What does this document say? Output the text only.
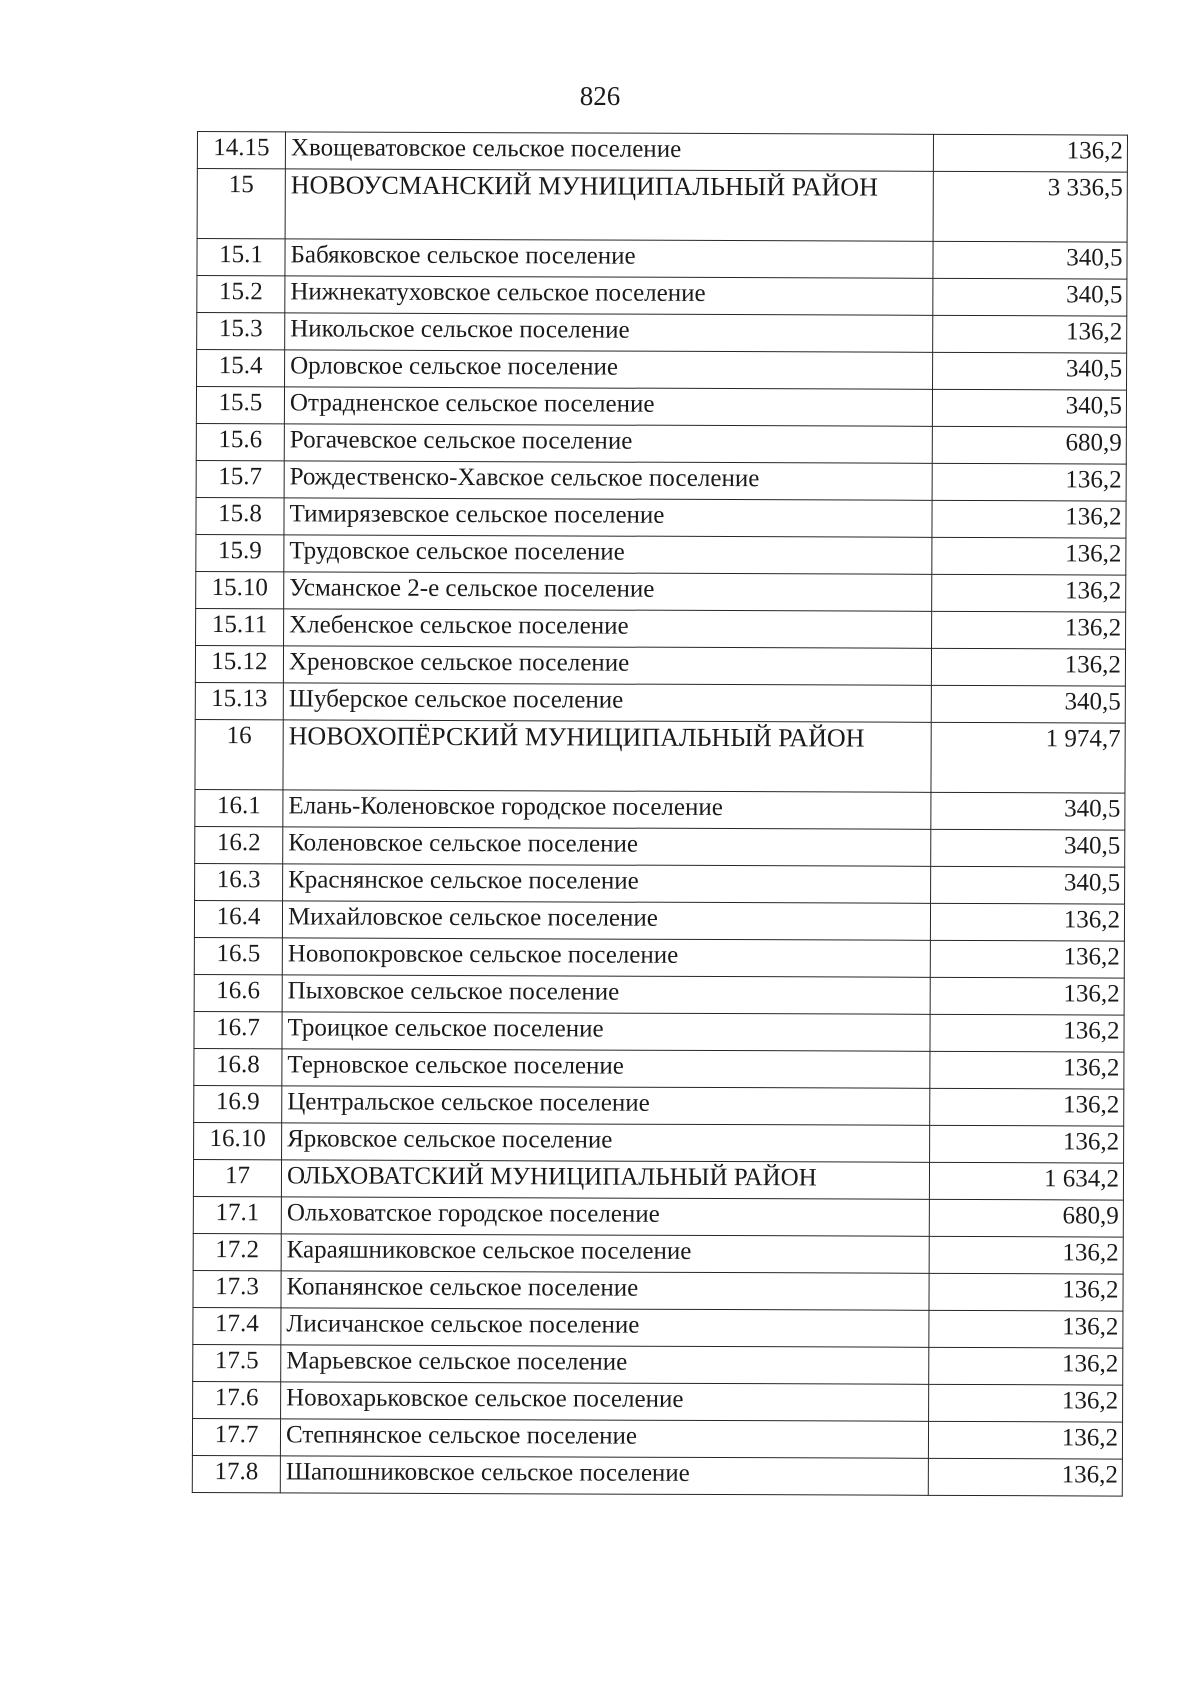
826
14.15	Хвощеватовское сельское поселение	136,2
15	НОВОУСМАНСКИЙ МУНИЦИПАЛЬНЫЙ РАЙОН	3 336,5
15.1	Бабяковское сельское поселение	340,5
15.2	Нижнекатуховское сельское поселение	340,5
15.3	Никольское сельское поселение	136,2
15.4	Орловское сельское поселение	340,5
15.5	Отрадненское сельское поселение	340,5
15.6	Рогачевское сельское поселение	680,9
15.7	Рождественско-Хавское сельское поселение	136,2
15.8	Тимирязевское сельское поселение	136,2
15.9	Трудовское сельское поселение	136,2
15.10	Усманское 2-е сельское поселение	136,2
15.11	Хлебенское сельское поселение	136,2
15.12	Хреновское сельское поселение	136,2
15.13	Шуберское сельское поселение	340,5
16	НОВОХОПЁРСКИЙ МУНИЦИПАЛЬНЫЙ РАЙОН	1 974,7
16.1	Елань-Коленовское городское поселение	340,5
16.2	Коленовское сельское поселение	340,5
16.3	Краснянское сельское поселение	340,5
16.4	Михайловское сельское поселение	136,2
16.5	Новопокровское сельское поселение	136,2
16.6	Пыховское сельское поселение	136,2
16.7	Троицкое сельское поселение	136,2
16.8	Терновское сельское поселение	136,2
16.9	Центральское сельское поселение	136,2
16.10	Ярковское сельское поселение	136,2
17	ОЛЬХОВАТСКИЙ МУНИЦИПАЛЬНЫЙ РАЙОН	1 634,2
17.1	Ольховатское городское поселение	680,9
17.2	Караяшниковское сельское поселение	136,2
17.3	Копанянское сельское поселение	136,2
17.4	Лисичанское сельское поселение	136,2
17.5	Марьевское сельское поселение	136,2
17.6	Новохарьковское сельское поселение	136,2
17.7	Степнянское сельское поселение	136,2
17.8	Шапошниковское сельское поселение	136,2
